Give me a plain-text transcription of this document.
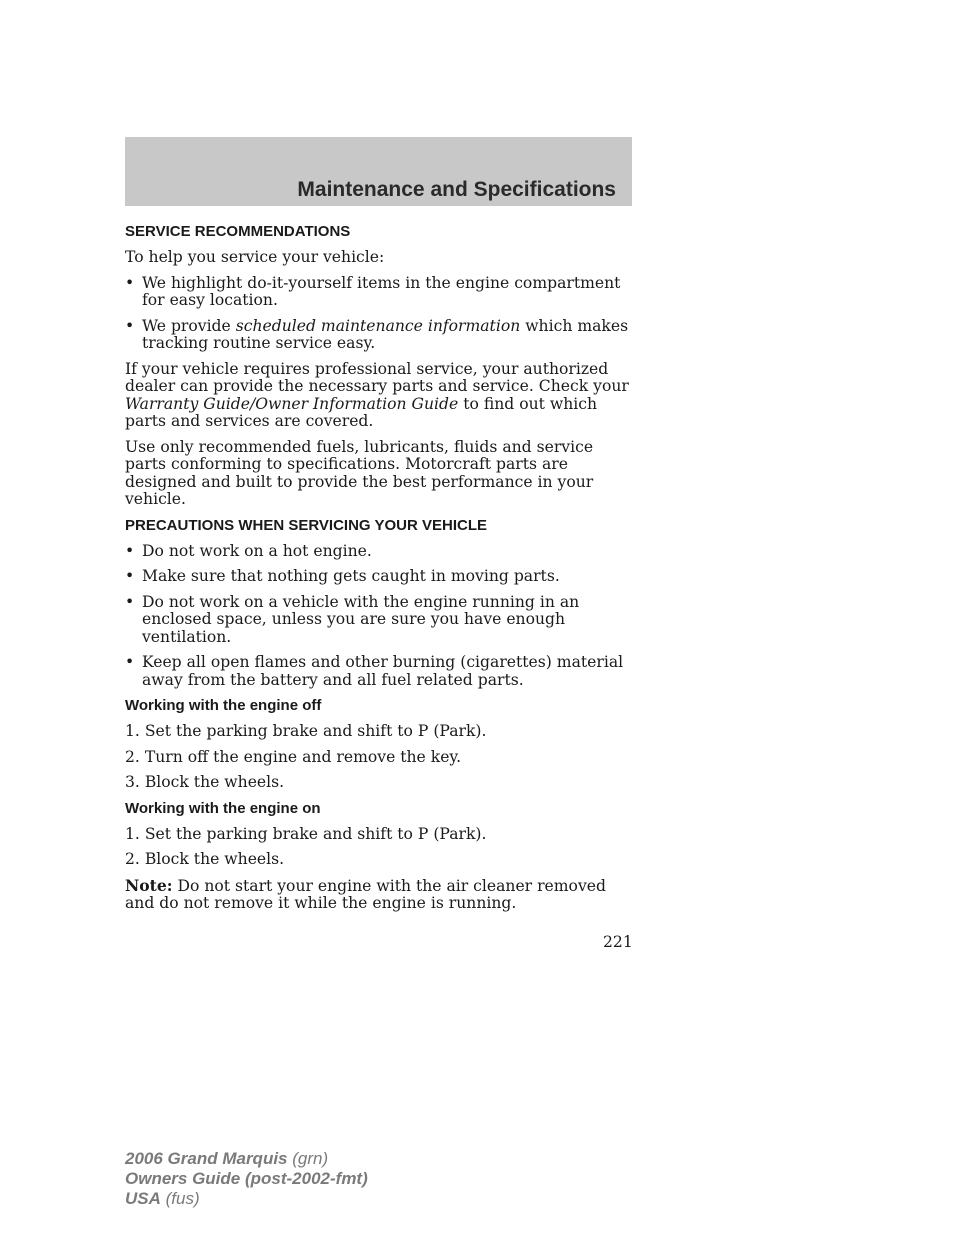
Maintenance and Specifications
SERVICE RECOMMENDATIONS

To help you service your vehicle:

• We highlight do-it-yourself items in the engine compartment for easy location.
• We provide scheduled maintenance information which makes tracking routine service easy.

If your vehicle requires professional service, your authorized dealer can provide the necessary parts and service. Check your Warranty Guide/Owner Information Guide to find out which parts and services are covered.

Use only recommended fuels, lubricants, fluids and service parts conforming to specifications. Motorcraft parts are designed and built to provide the best performance in your vehicle.

PRECAUTIONS WHEN SERVICING YOUR VEHICLE
• Do not work on a hot engine.
• Make sure that nothing gets caught in moving parts.
• Do not work on a vehicle with the engine running in an enclosed space, unless you are sure you have enough ventilation.
• Keep all open flames and other burning (cigarettes) material away from the battery and all fuel related parts.
Working with the engine off

1. Set the parking brake and shift to P (Park).

2. Turn off the engine and remove the key.

3. Block the wheels.

Working with the engine on

1. Set the parking brake and shift to P (Park).

2. Block the wheels.

Note: Do not start your engine with the air cleaner removed and do not remove it while the engine is running.

221
2006 Grand Marquis (grn)
Owners Guide (post-2002-fmt)
USA (fus)
